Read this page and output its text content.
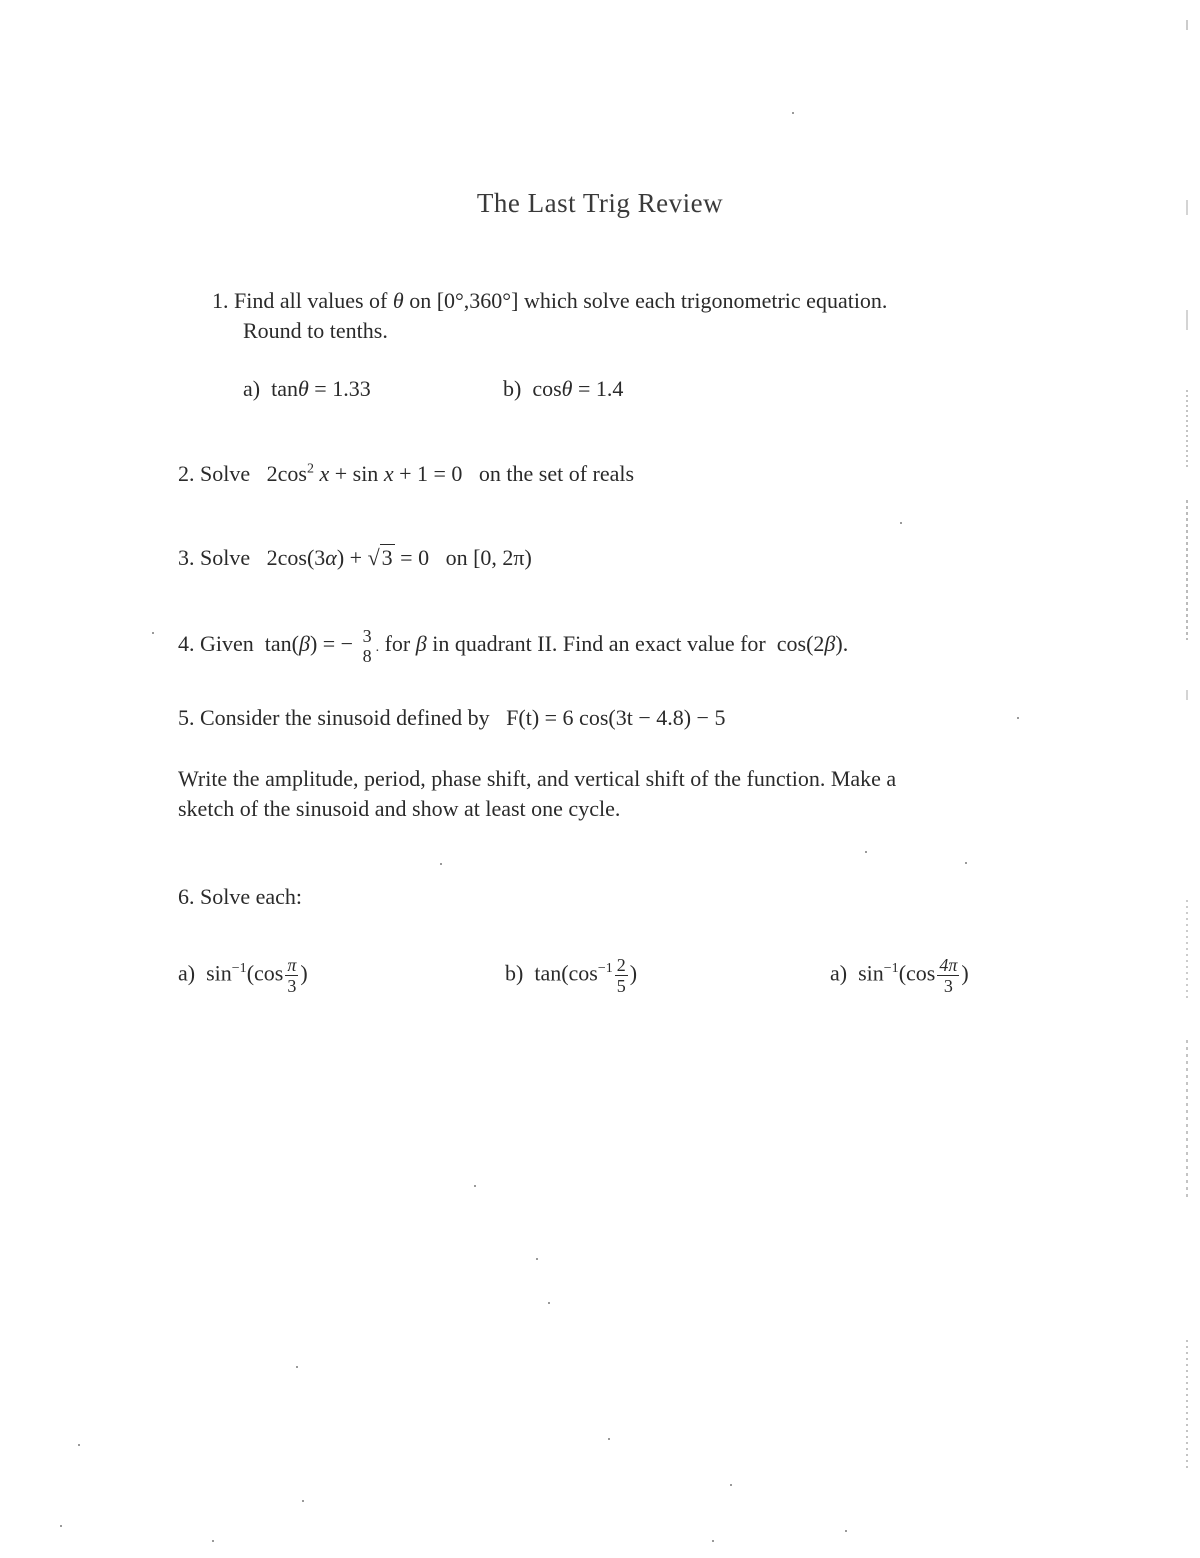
The Last Trig Review
1. Find all values of θ on [0°,360°] which solve each trigonometric equation.
Round to tenths.
a) tanθ = 1.33	b) cosθ = 1.4
2. Solve $2\cos^2$ x + sin x + 1 = 0 on the set of reals
3. Solve 2cos(3α) + √3 = 0 on [0, 2π)
4. Given tan(β) = − 3
8 . for β in quadrant II. Find an exact value for cos(2β).
5. Consider the sinusoid defined by F(t) = 6 cos(3t − 4.8) − 5
Write the amplitude, period, phase shift, and vertical shift of the function. Make a
sketch of the sinusoid and show at least one cycle.
6. Solve each:
a) $\sin^{-1}(\cos \frac{\pi}{3}$ )	b) $\tan(\cos^{-1} \frac{2}{5}$ )	a) $\sin^{-1}(\cos \frac{4\pi}{3}$ )
